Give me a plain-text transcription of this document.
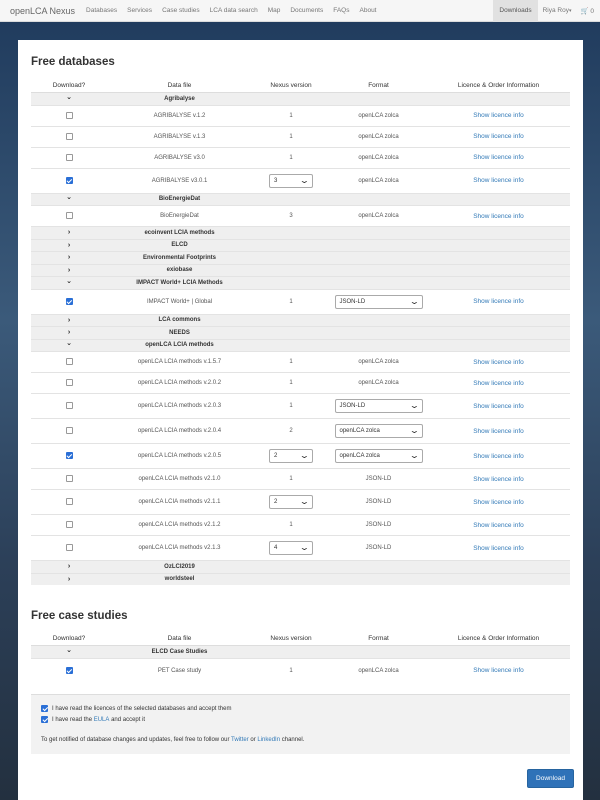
openLCA Nexus	Databases	Services	Case studies	LCA data search	Map	Documents	FAQs	About	Downloads	Riya Roy▾	🛒 0
Free databases
Download?	Data file	Nexus version	Format	Licence & Order Information
⌄	Agribalyse			
	AGRIBALYSE v.1.2	1	openLCA zolca	Show licence info
	AGRIBALYSE v.1.3	1	openLCA zolca	Show licence info
	AGRIBALYSE v3.0	1	openLCA zolca	Show licence info
	AGRIBALYSE v3.0.1	3 ⌄	openLCA zolca	Show licence info
⌄	BioEnergieDat			
	BioEnergieDat	3	openLCA zolca	Show licence info
›	ecoinvent LCIA methods			
›	ELCD			
›	Environmental Footprints			
›	exiobase			
⌄	IMPACT World+ LCIA Methods			
	IMPACT World+ | Global	1	JSON-LD ⌄	Show licence info
›	LCA commons			
›	NEEDS			
⌄	openLCA LCIA methods			
	openLCA LCIA methods v.1.5.7	1	openLCA zolca	Show licence info
	openLCA LCIA methods v.2.0.2	1	openLCA zolca	Show licence info
	openLCA LCIA methods v.2.0.3	1	JSON-LD ⌄	Show licence info
	openLCA LCIA methods v.2.0.4	2	openLCA zolca ⌄	Show licence info
	openLCA LCIA methods v.2.0.5	2 ⌄	openLCA zolca ⌄	Show licence info
	openLCA LCIA methods v2.1.0	1	JSON-LD	Show licence info
	openLCA LCIA methods v2.1.1	2 ⌄	JSON-LD	Show licence info
	openLCA LCIA methods v2.1.2	1	JSON-LD	Show licence info
	openLCA LCIA methods v2.1.3	4 ⌄	JSON-LD	Show licence info
›	OzLCI2019			
›	worldsteel			
Free case studies
Download?	Data file	Nexus version	Format	Licence & Order Information
⌄	ELCD Case Studies			
	PET Case study	1	openLCA zolca	Show licence info
I have read the licences of the selected databases and accept them
I have read the
EULA
and accept it
To get notified of database changes and updates, feel free to follow our Twitter or LinkedIn channel.
Download
